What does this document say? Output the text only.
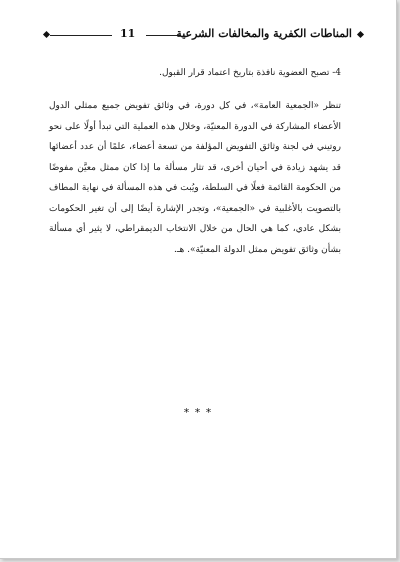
11	المناطات الكفرية والمخالفات الشرعية

4- تصبح العضوية نافذة بتاريخ اعتماد قرار القبول.

تنظر «الجمعية العامة»، في كل دورة، في وثائق تفويض جميع ممثلي الدول الأعضاء المشاركة في الدورة المعنيّة، وخلال هذه العملية التي تبدأ أولًا على نحو روتيني في لجنة وثائق التفويض المؤلفة من تسعة أعضاء، علمًا أن عدد أعضائها قد يشهد زيادة في أحيان أخرى، قد تثار مسألة ما إذا كان ممثل معيَّن مفوضًا من الحكومة القائمة فعلًا في السلطة، ويُبت في هذه المسألة في نهاية المطاف بالتصويت بالأغلبية في «الجمعية»، وتجدر الإشارة أيضًا إلى أن تغير الحكومات بشكل عادي، كما هي الحال من خلال الانتخاب الديمقراطي، لا يثير أي مسألة بشأن وثائق تفويض ممثل الدولة المعنيّة». هـ.

* * *
